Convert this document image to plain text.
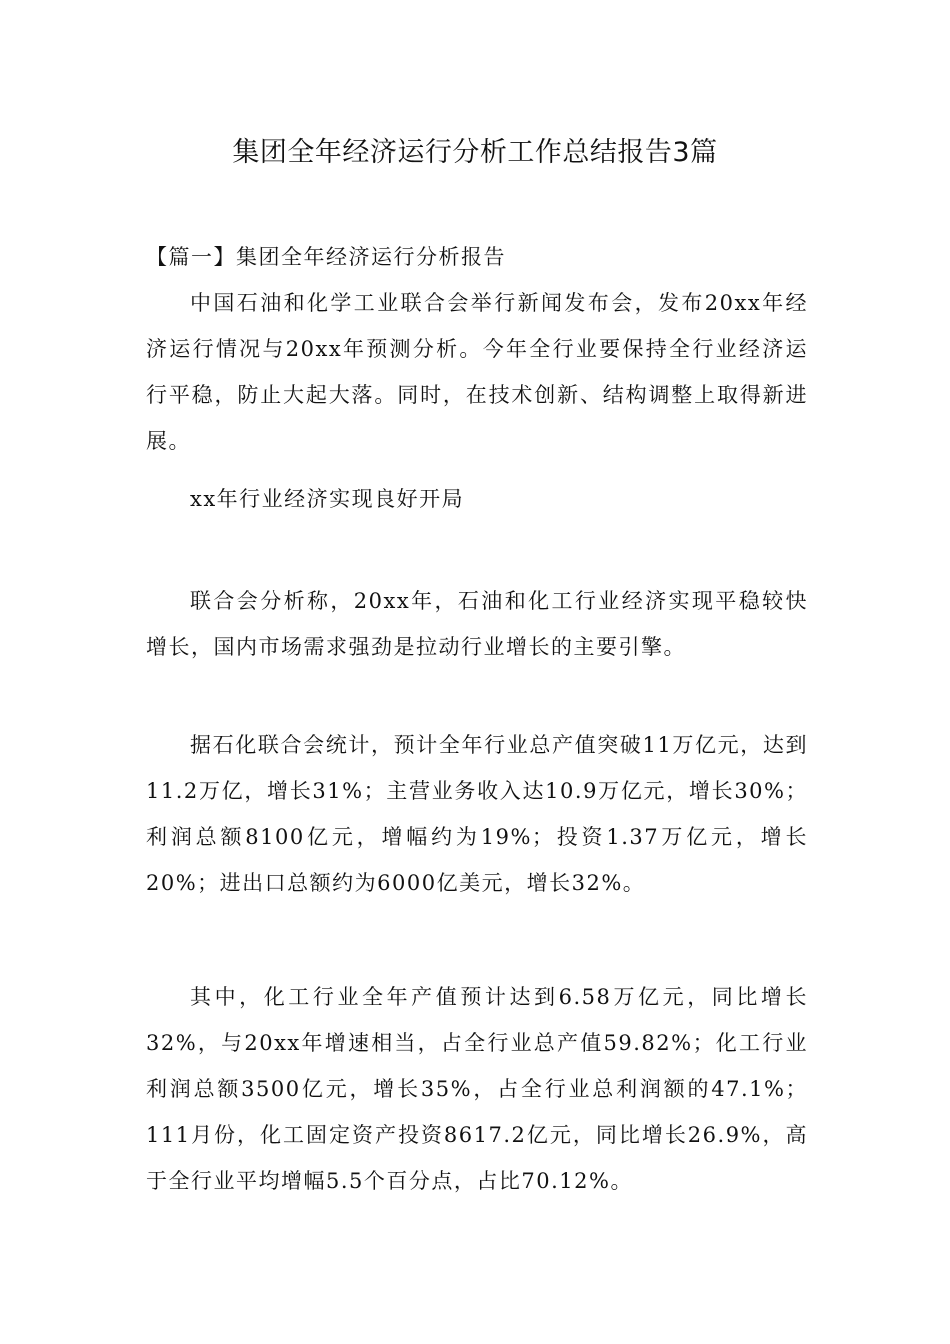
集团全年经济运行分析工作总结报告3篇

【篇一】集团全年经济运行分析报告

中国石油和化学工业联合会举行新闻发布会，发布20xx年经济运行情况与20xx年预测分析。今年全行业要保持全行业经济运行平稳，防止大起大落。同时，在技术创新、结构调整上取得新进展。

xx年行业经济实现良好开局

联合会分析称，20xx年，石油和化工行业经济实现平稳较快增长，国内市场需求强劲是拉动行业增长的主要引擎。

据石化联合会统计，预计全年行业总产值突破11万亿元，达到11.2万亿，增长31%；主营业务收入达10.9万亿元，增长30%；利润总额8100亿元，增幅约为19%；投资1.37万亿元，增长20%；进出口总额约为6000亿美元，增长32%。

其中，化工行业全年产值预计达到6.58万亿元，同比增长32%，与20xx年增速相当，占全行业总产值59.82%；化工行业利润总额3500亿元，增长35%，占全行业总利润额的47.1%；111月份，化工固定资产投资8617.2亿元，同比增长26.9%，高于全行业平均增幅5.5个百分点，占比70.12%。
